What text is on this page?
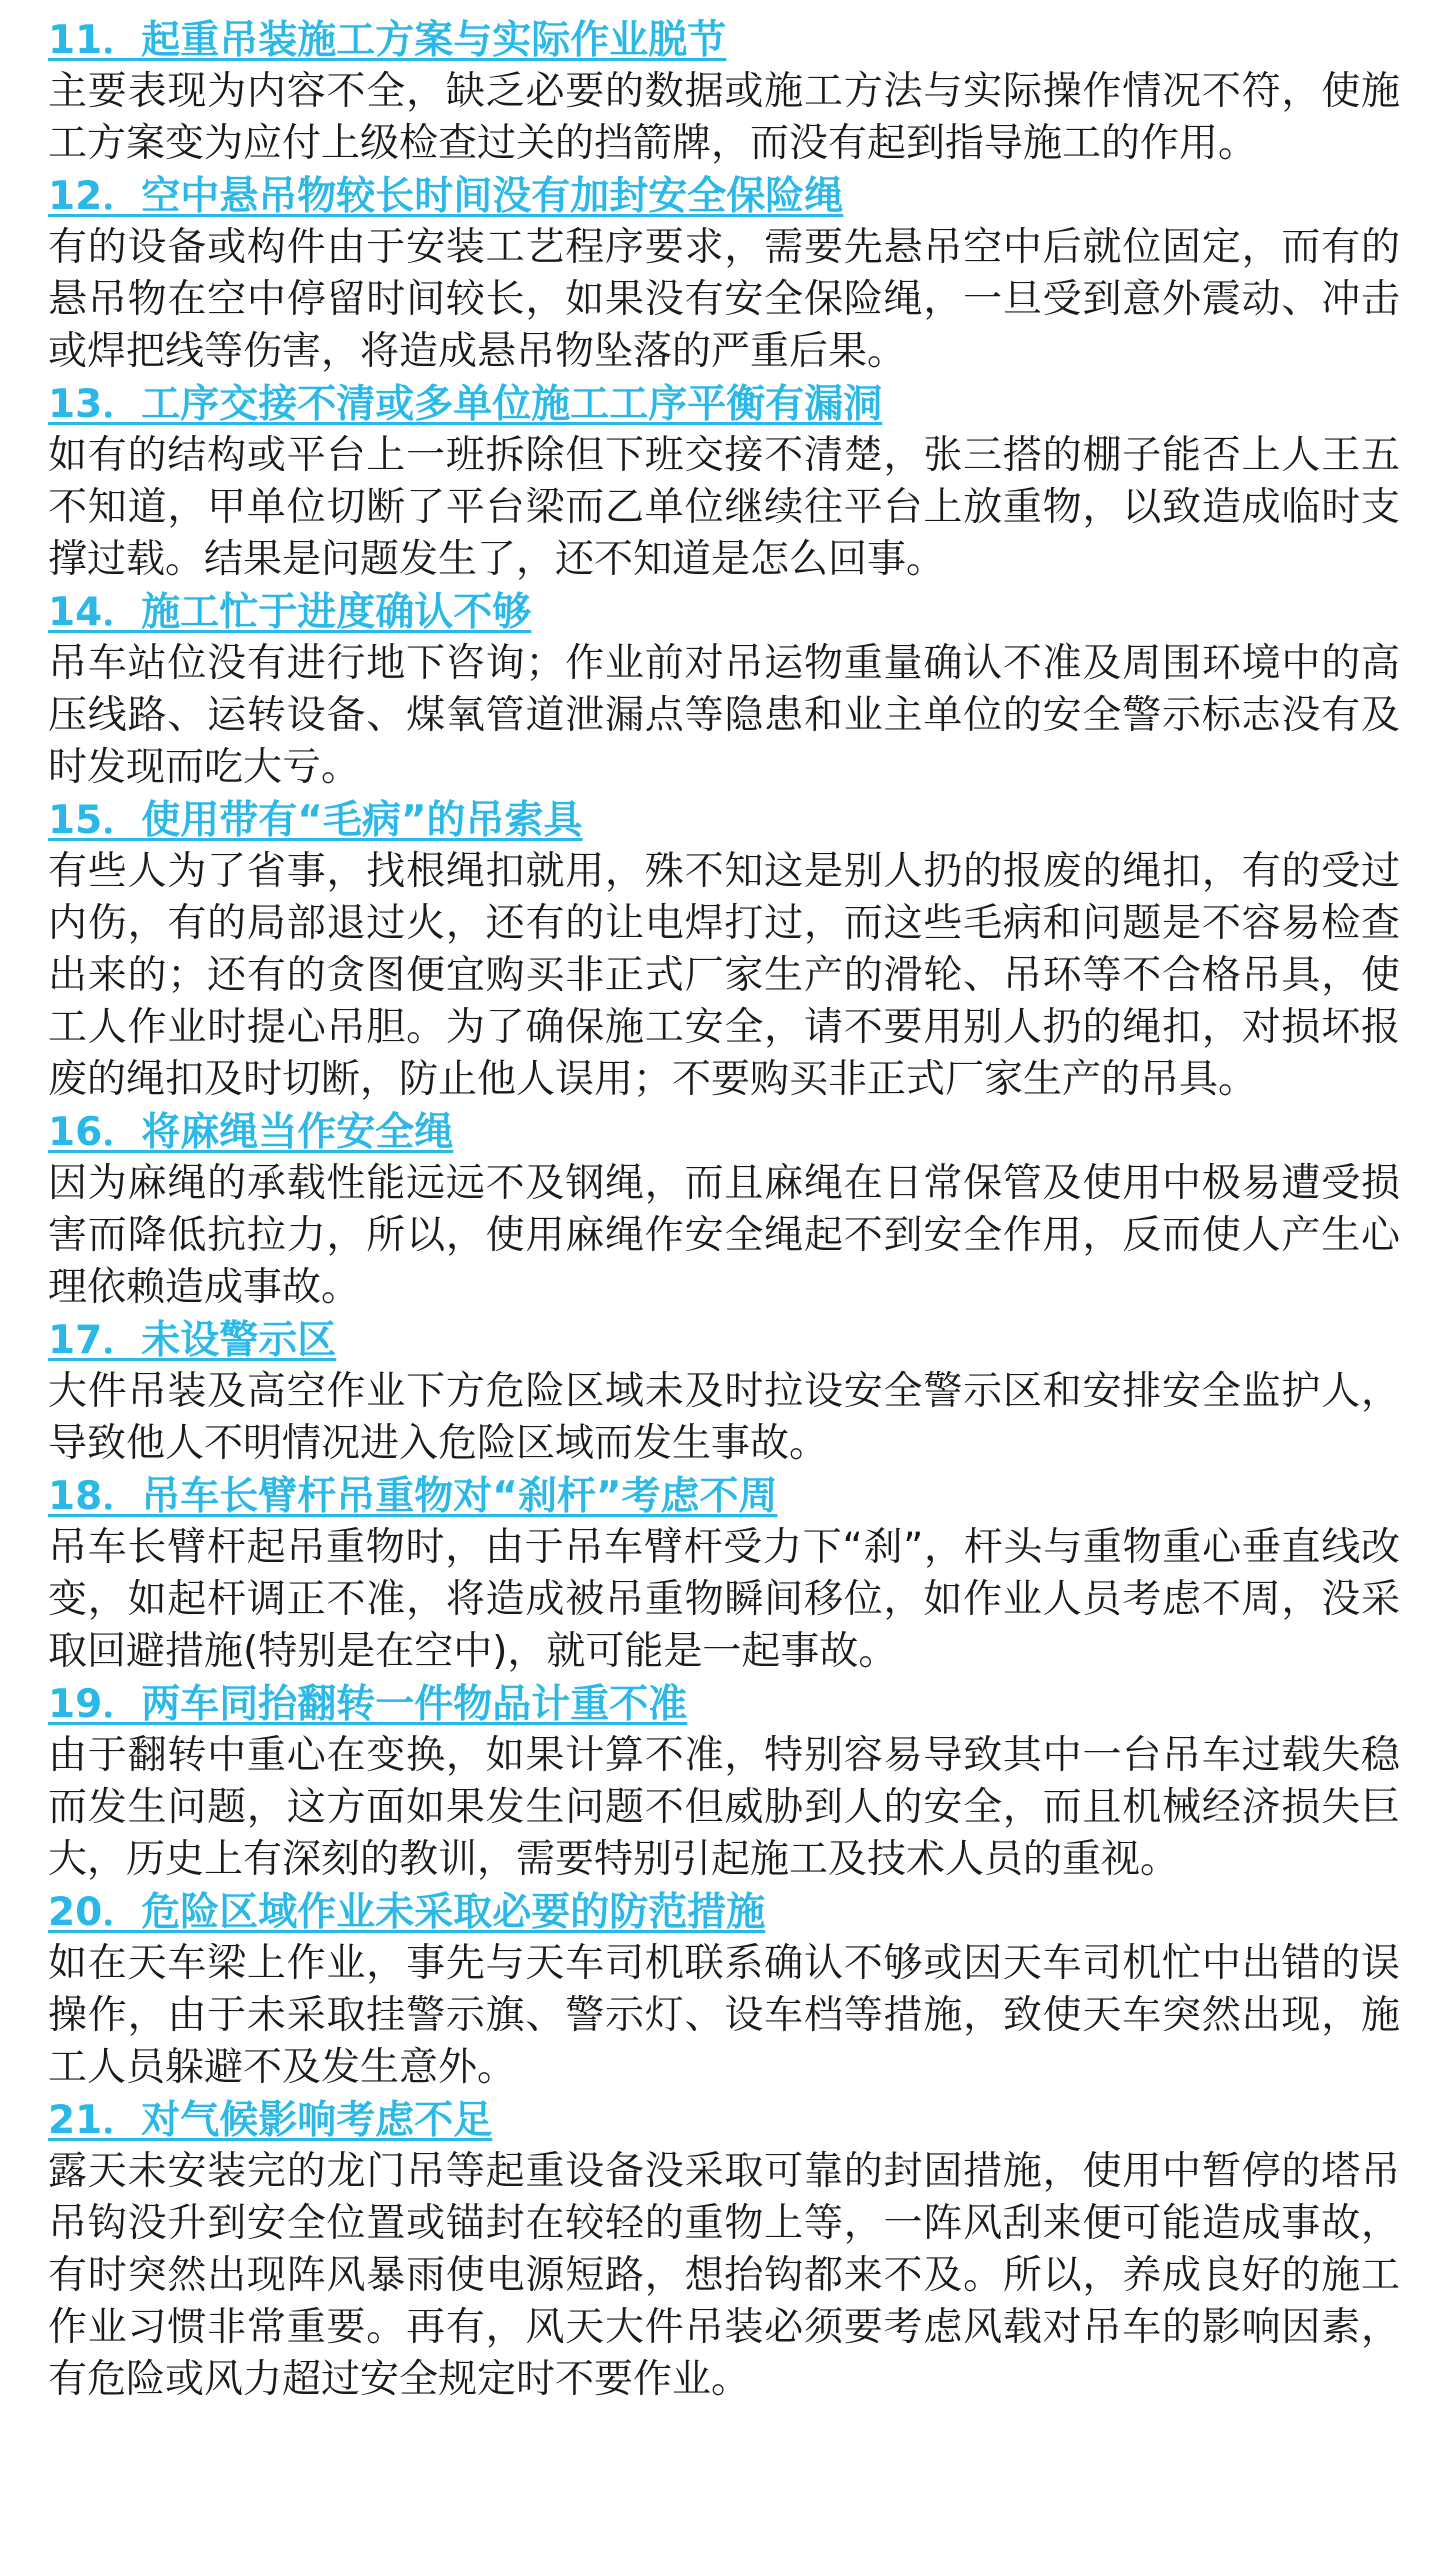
11．起重吊装施工方案与实际作业脱节

主要表现为内容不全，缺乏必要的数据或施工方法与实际操作情况不符，使施工方案变为应付上级检查过关的挡箭牌，而没有起到指导施工的作用。

12．空中悬吊物较长时间没有加封安全保险绳

有的设备或构件由于安装工艺程序要求，需要先悬吊空中后就位固定，而有的悬吊物在空中停留时间较长，如果没有安全保险绳，一旦受到意外震动、冲击或焊把线等伤害，将造成悬吊物坠落的严重后果。

13．工序交接不清或多单位施工工序平衡有漏洞

如有的结构或平台上一班拆除但下班交接不清楚，张三搭的棚子能否上人王五不知道，甲单位切断了平台梁而乙单位继续往平台上放重物，以致造成临时支撑过载。结果是问题发生了，还不知道是怎么回事。

14．施工忙于进度确认不够

吊车站位没有进行地下咨询；作业前对吊运物重量确认不准及周围环境中的高压线路、运转设备、煤氧管道泄漏点等隐患和业主单位的安全警示标志没有及时发现而吃大亏。

15．使用带有“毛病”的吊索具

有些人为了省事，找根绳扣就用，殊不知这是别人扔的报废的绳扣，有的受过内伤，有的局部退过火，还有的让电焊打过，而这些毛病和问题是不容易检查出来的；还有的贪图便宜购买非正式厂家生产的滑轮、吊环等不合格吊具，使工人作业时提心吊胆。为了确保施工安全，请不要用别人扔的绳扣，对损坏报废的绳扣及时切断，防止他人误用；不要购买非正式厂家生产的吊具。

16．将麻绳当作安全绳

因为麻绳的承载性能远远不及钢绳，而且麻绳在日常保管及使用中极易遭受损害而降低抗拉力，所以，使用麻绳作安全绳起不到安全作用，反而使人产生心理依赖造成事故。

17．未设警示区

大件吊装及高空作业下方危险区域未及时拉设安全警示区和安排安全监护人，导致他人不明情况进入危险区域而发生事故。

18．吊车长臂杆吊重物对“刹杆”考虑不周

吊车长臂杆起吊重物时，由于吊车臂杆受力下“刹”，杆头与重物重心垂直线改变，如起杆调正不准，将造成被吊重物瞬间移位，如作业人员考虑不周，没采取回避措施(特别是在空中)，就可能是一起事故。

19．两车同抬翻转一件物品计重不准

由于翻转中重心在变换，如果计算不准，特别容易导致其中一台吊车过载失稳而发生问题，这方面如果发生问题不但威胁到人的安全，而且机械经济损失巨大，历史上有深刻的教训，需要特别引起施工及技术人员的重视。

20．危险区域作业未采取必要的防范措施

如在天车梁上作业，事先与天车司机联系确认不够或因天车司机忙中出错的误操作，由于未采取挂警示旗、警示灯、设车档等措施，致使天车突然出现，施工人员躲避不及发生意外。

21．对气候影响考虑不足

露天未安装完的龙门吊等起重设备没采取可靠的封固措施，使用中暂停的塔吊吊钩没升到安全位置或锚封在较轻的重物上等，一阵风刮来便可能造成事故，有时突然出现阵风暴雨使电源短路，想抬钩都来不及。所以，养成良好的施工作业习惯非常重要。再有，风天大件吊装必须要考虑风载对吊车的影响因素，有危险或风力超过安全规定时不要作业。
